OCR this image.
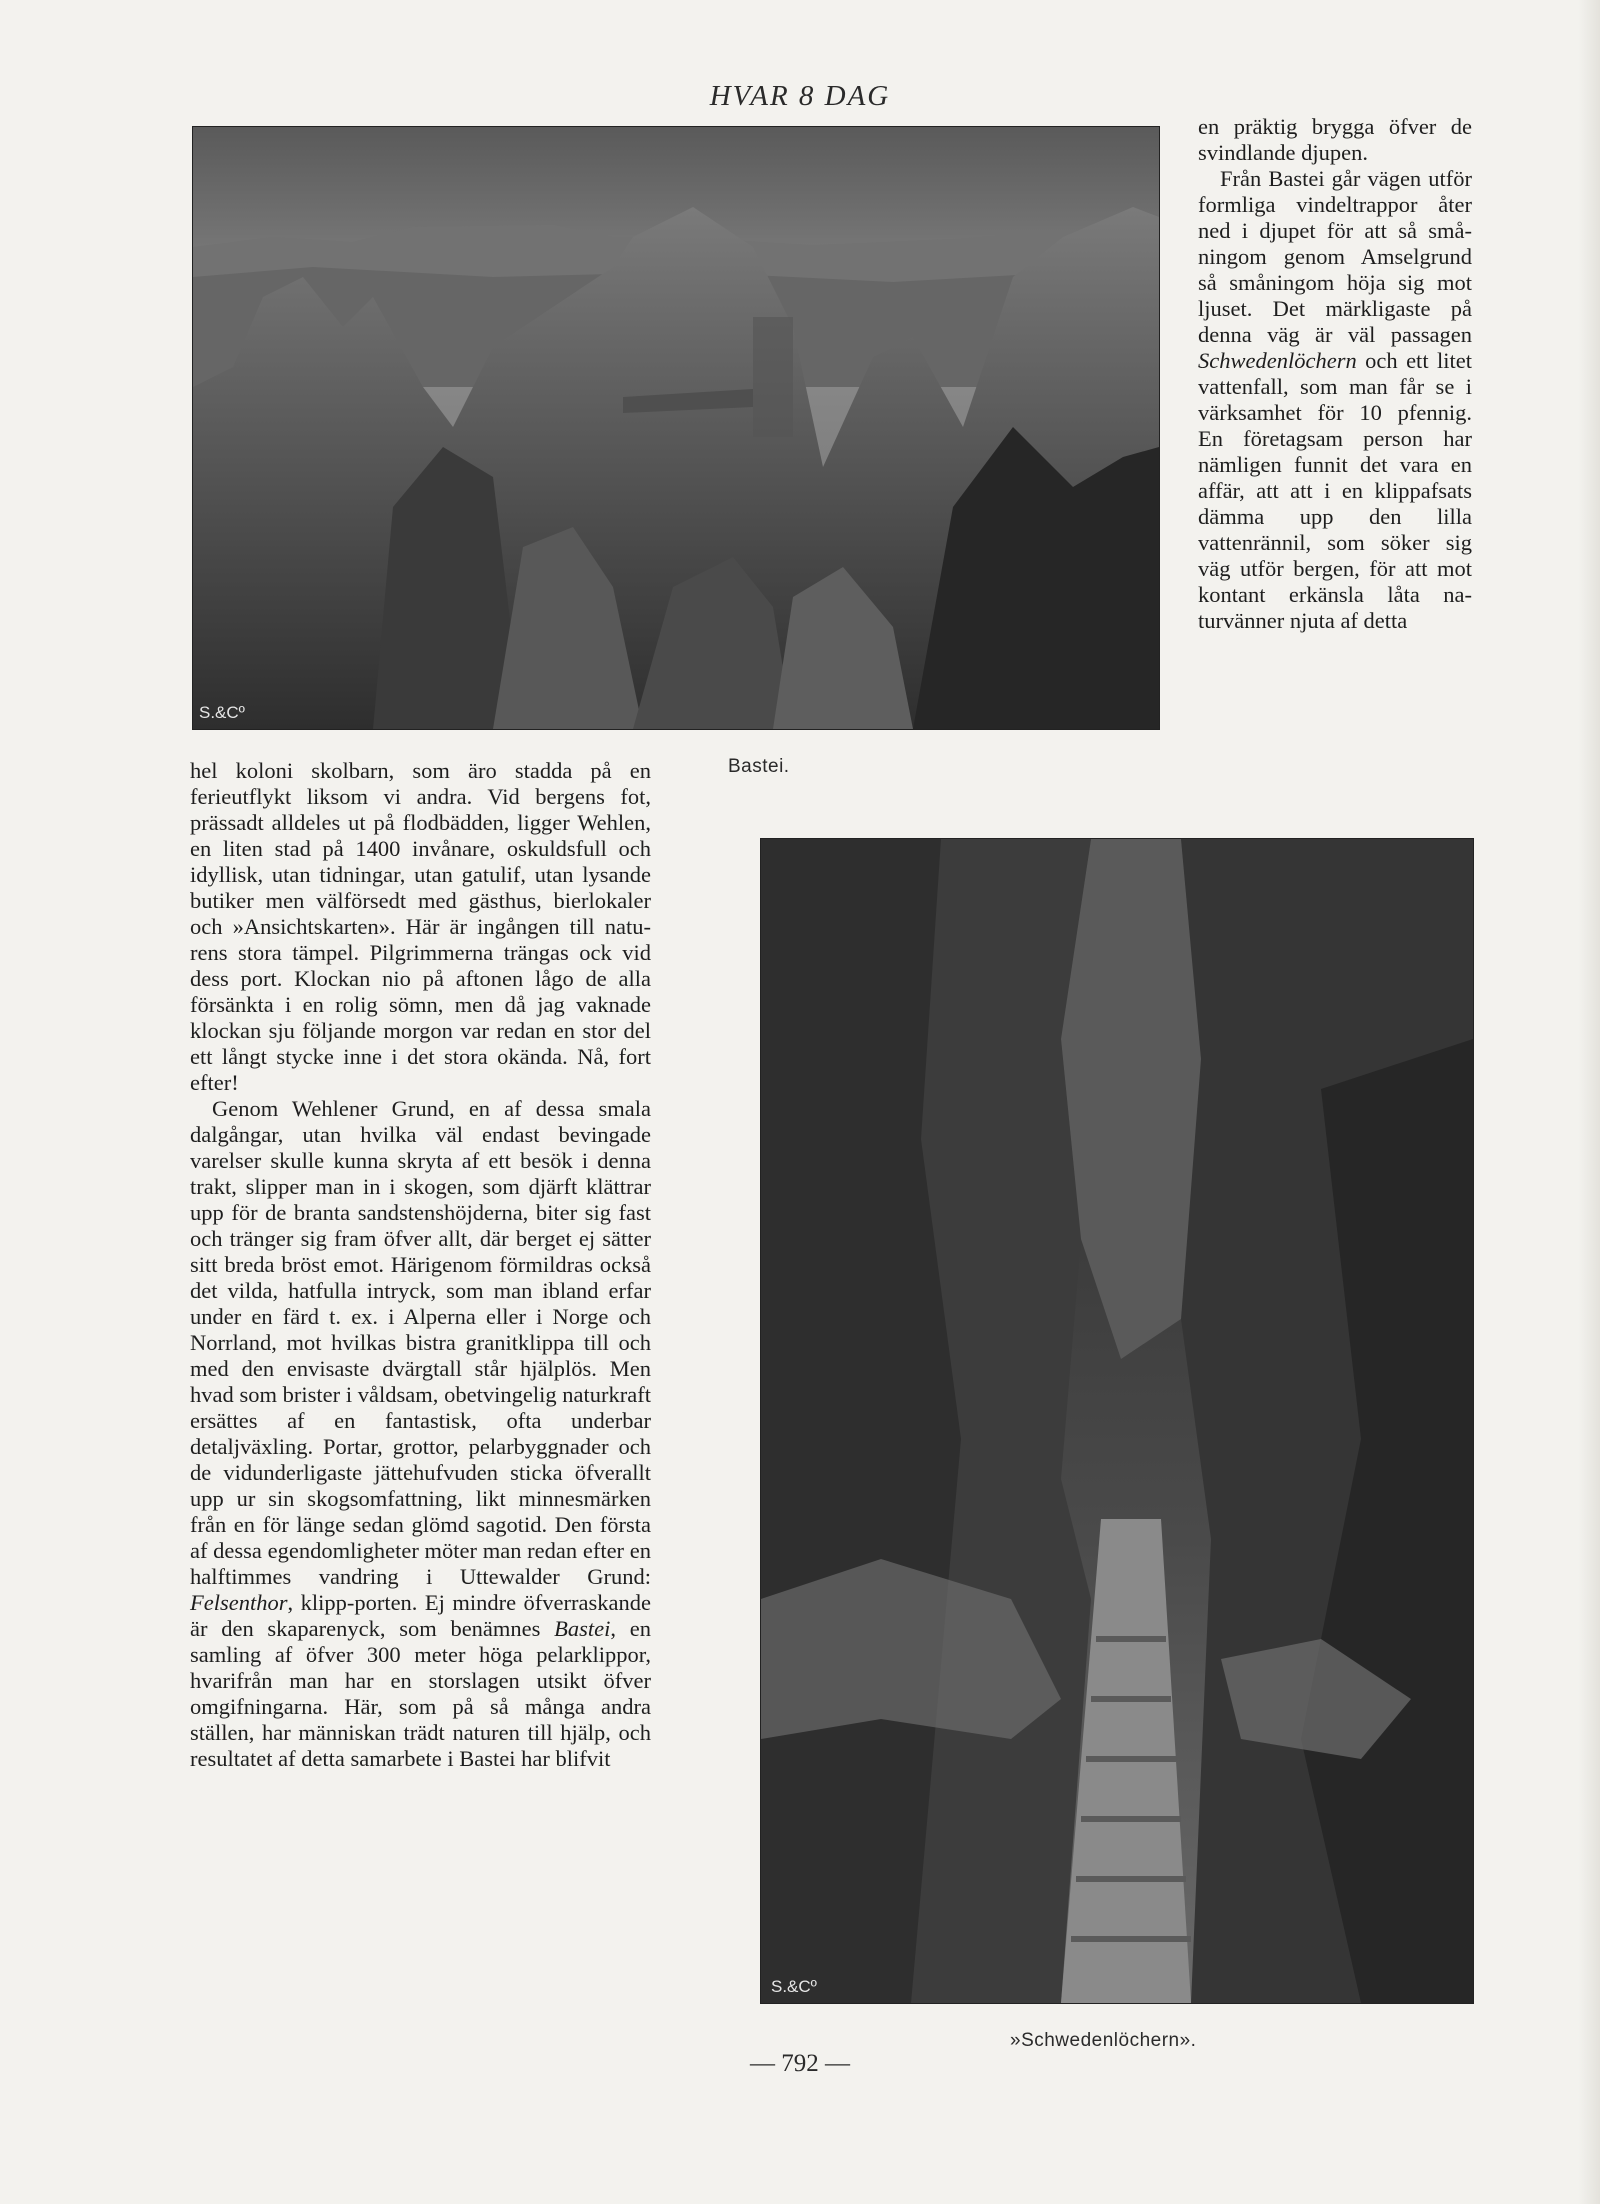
HVAR 8 DAG
S.&Cº
Bastei.

en präktig brygga öfver de svindlande djupen.

Från Bastei går vägen utför formliga vindeltrappor åter ned i djupet för att så småningom genom Amselgrund så småningom höja sig mot ljuset. Det märkligaste på denna väg är väl passagen Schwedenlöchern och ett litet vattenfall, som man får se i värksamhet för 10 pfennig. En företagsam person har nämligen funnit det vara en affär, att att i en klippafsats dämma upp den lilla vattenrännil, som söker sig väg utför bergen, för att mot kontant erkänsla låta naturvänner njuta af detta

hel koloni skolbarn, som äro stadda på en ferieutflykt liksom vi andra. Vid bergens fot, prässadt alldeles ut på flodbädden, ligger Wehlen, en liten stad på 1400 invånare, oskuldsfull och idyllisk, utan tidningar, utan gatulif, utan lysande butiker men välförsedt med gästhus, bierlokaler och »Ansichtskarten». Här är ingången till naturens stora tämpel. Pilgrimmerna trängas ock vid dess port. Klockan nio på aftonen lågo de alla försänkta i en rolig sömn, men då jag vaknade klockan sju följande morgon var redan en stor del ett långt stycke inne i det stora okända. Nå, fort efter!

Genom Wehlener Grund, en af dessa smala dalgångar, utan hvilka väl endast bevingade varelser skulle kunna skryta af ett besök i denna trakt, slipper man in i skogen, som djärft klättrar upp för de branta sandstenshöjderna, biter sig fast och tränger sig fram öfver allt, där berget ej sätter sitt breda bröst emot. Härigenom förmildras också det vilda, hatfulla intryck, som man ibland erfar under en färd t. ex. i Alperna eller i Norge och Norrland, mot hvilkas bistra granitklippa till och med den envisaste dvärgtall står hjälplös. Men hvad som brister i våldsam, obetvingelig naturkraft ersättes af en fantastisk, ofta underbar detaljväxling. Portar, grottor, pelarbyggnader och de vidunderligaste jättehufvuden sticka öfverallt upp ur sin skogsomfattning, likt minnesmärken från en för länge sedan glömd sagotid. Den första af dessa egendomligheter möter man redan efter en halftimmes vandring i Uttewalder Grund: Felsenthor, klipp-porten. Ej mindre öfverraskande är den skaparenyck, som benämnes Bastei, en samling af öfver 300 meter höga pelarklippor, hvarifrån man har en storslagen utsikt öfver omgifningarna. Här, som på så många andra ställen, har människan trädt naturen till hjälp, och resultatet af detta samarbete i Bastei har blifvit

S.&Cº
»Schwedenlöchern».
— 792 —
